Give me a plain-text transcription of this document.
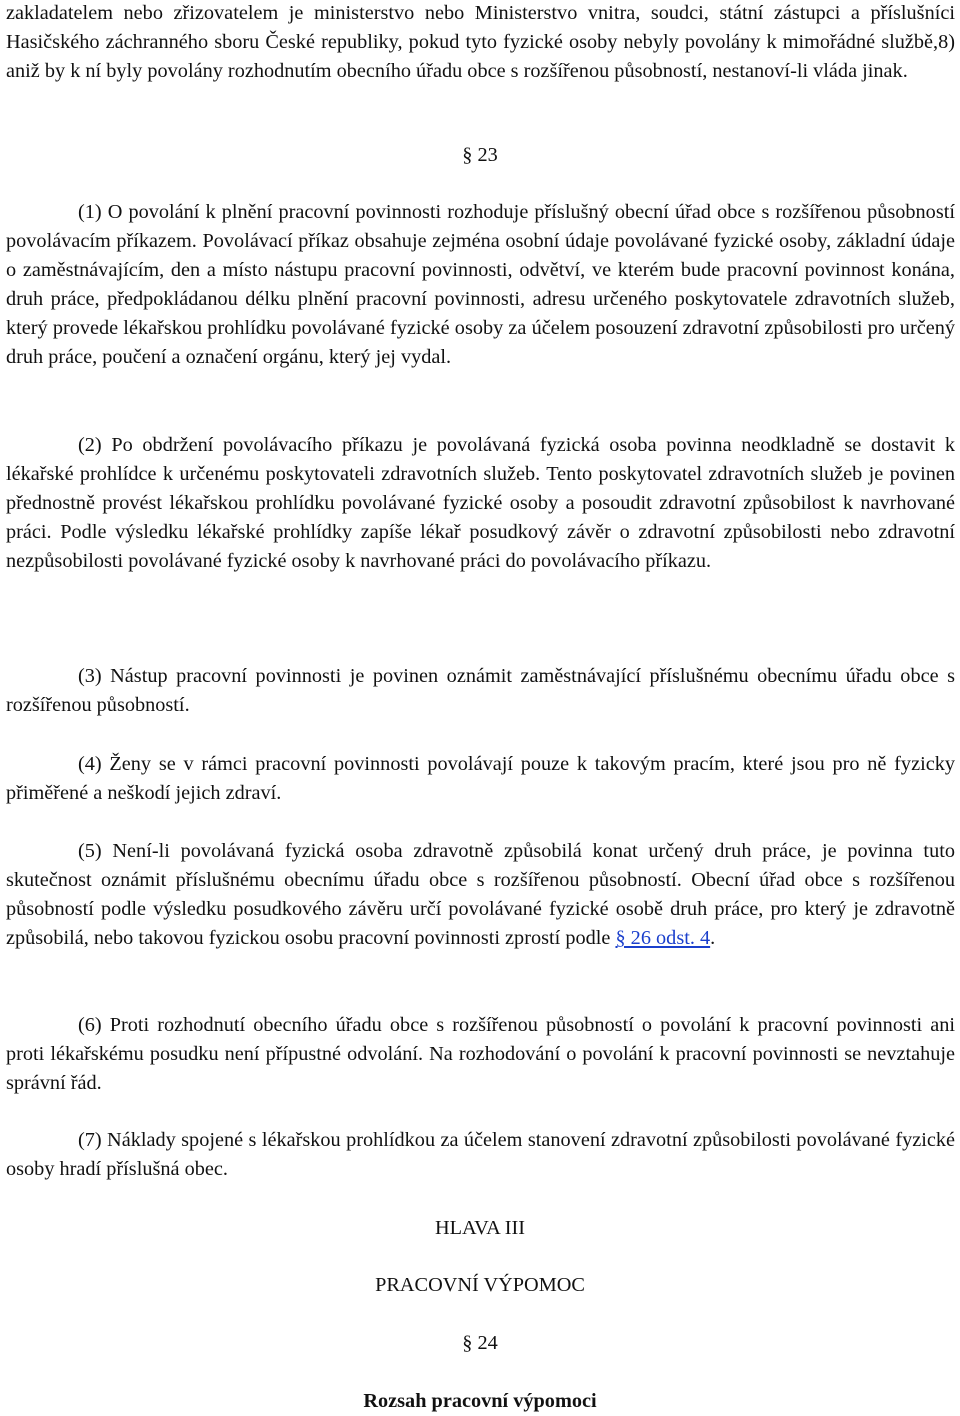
zakladatelem nebo zřizovatelem je ministerstvo nebo Ministerstvo vnitra, soudci, státní zástupci a příslušníci Hasičského záchranného sboru České republiky, pokud tyto fyzické osoby nebyly povolány k mimořádné službě,8) aniž by k ní byly povolány rozhodnutím obecního úřadu obce s rozšířenou působností, nestanoví-li vláda jinak.

§ 23

(1) O povolání k plnění pracovní povinnosti rozhoduje příslušný obecní úřad obce s rozšířenou působností povolávacím příkazem. Povolávací příkaz obsahuje zejména osobní údaje povolávané fyzické osoby, základní údaje o zaměstnávajícím, den a místo nástupu pracovní povinnosti, odvětví, ve kterém bude pracovní povinnost konána, druh práce, předpokládanou délku plnění pracovní povinnosti, adresu určeného poskytovatele zdravotních služeb, který provede lékařskou prohlídku povolávané fyzické osoby za účelem posouzení zdravotní způsobilosti pro určený druh práce, poučení a označení orgánu, který jej vydal.

(2) Po obdržení povolávacího příkazu je povolávaná fyzická osoba povinna neodkladně se dostavit k lékařské prohlídce k určenému poskytovateli zdravotních služeb. Tento poskytovatel zdravotních služeb je povinen přednostně provést lékařskou prohlídku povolávané fyzické osoby a posoudit zdravotní způsobilost k navrhované práci. Podle výsledku lékařské prohlídky zapíše lékař posudkový závěr o zdravotní způsobilosti nebo zdravotní nezpůsobilosti povolávané fyzické osoby k navrhované práci do povolávacího příkazu.

(3) Nástup pracovní povinnosti je povinen oznámit zaměstnávající příslušnému obecnímu úřadu obce s rozšířenou působností.

(4) Ženy se v rámci pracovní povinnosti povolávají pouze k takovým pracím, které jsou pro ně fyzicky přiměřené a neškodí jejich zdraví.

(5) Není-li povolávaná fyzická osoba zdravotně způsobilá konat určený druh práce, je povinna tuto skutečnost oznámit příslušnému obecnímu úřadu obce s rozšířenou působností. Obecní úřad obce s rozšířenou působností podle výsledku posudkového závěru určí povolávané fyzické osobě druh práce, pro který je zdravotně způsobilá, nebo takovou fyzickou osobu pracovní povinnosti zprostí podle § 26 odst. 4.

(6) Proti rozhodnutí obecního úřadu obce s rozšířenou působností o povolání k pracovní povinnosti ani proti lékařskému posudku není přípustné odvolání. Na rozhodování o povolání k pracovní povinnosti se nevztahuje správní řád.

(7) Náklady spojené s lékařskou prohlídkou za účelem stanovení zdravotní způsobilosti povolávané fyzické osoby hradí příslušná obec.

HLAVA III

PRACOVNÍ VÝPOMOC

§ 24

Rozsah pracovní výpomoci
